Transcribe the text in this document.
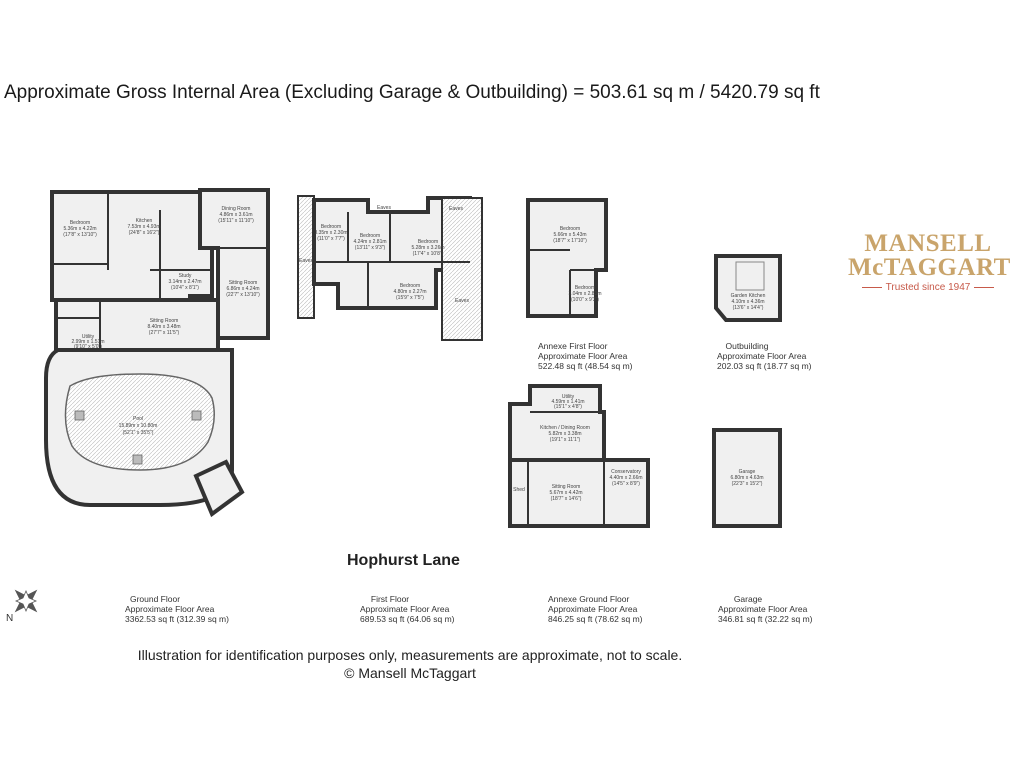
Approximate Gross Internal Area (Excluding Garage & Outbuilding) = 503.61 sq m / 5420.79 sq ft
MANSELL
McTAGGART
Trusted since 1947
Bedroom
5.36m x 4.22m
(17'8" x 13'10")
Kitchen
7.53m x 4.93m
(24'8" x 16'2")
Dining Room
4.86m x 3.61m
(15'11" x 11'10")
Sitting Room
6.86m x 4.24m
(22'7" x 13'10")
Study
3.14m x 2.47m
(10'4" x 8'1")
Sitting Room
8.40m x 3.48m
(27'7" x 11'5")
Utility
2.99m x 1.51m
(9'10" x 5'0")
Pool
15.89m x 10.80m
(52'1" x 35'5")
Bedroom
3.35m x 2.30m
(11'0" x 7'7")	Bedroom
4.24m x 2.81m
(13'11" x 9'3")
Bedroom
5.28m x 3.26m
(17'4" x 10'8")
Bedroom
4.80m x 2.27m
(15'9" x 7'5")
Eaves
Eaves	Eaves
Eaves
Bedroom
5.66m x 5.43m
(18'7" x 17'10")
Bedroom
3.04m x 2.83m
(10'0" x 9'3")
Garden Kitchen
4.10m x 4.36m
(13'6" x 14'4")
Utility
4.59m x 1.41m
(15'1" x 4'8")
Kitchen / Dining Room
5.82m x 3.38m
(19'1" x 11'1")
Sitting Room
5.67m x 4.42m
(18'7" x 14'6")
Conservatory
4.40m x 2.66m
(14'5" x 8'9")
Shed
Garage
6.80m x 4.63m
(22'3" x 15'2")
N
Annexe First Floor
Approximate Floor Area
522.48 sq ft (48.54 sq m)
Outbuilding
Approximate Floor Area
202.03 sq ft (18.77 sq m)
Hophurst Lane
Ground Floor
Approximate Floor Area
3362.53 sq ft (312.39 sq m)
First Floor
Approximate Floor Area
689.53 sq ft (64.06 sq m)
Annexe Ground Floor
Approximate Floor Area
846.25 sq ft (78.62 sq m)
Garage
Approximate Floor Area
346.81 sq ft (32.22 sq m)
Illustration for identification purposes only, measurements are approximate, not to scale.
© Mansell McTaggart
